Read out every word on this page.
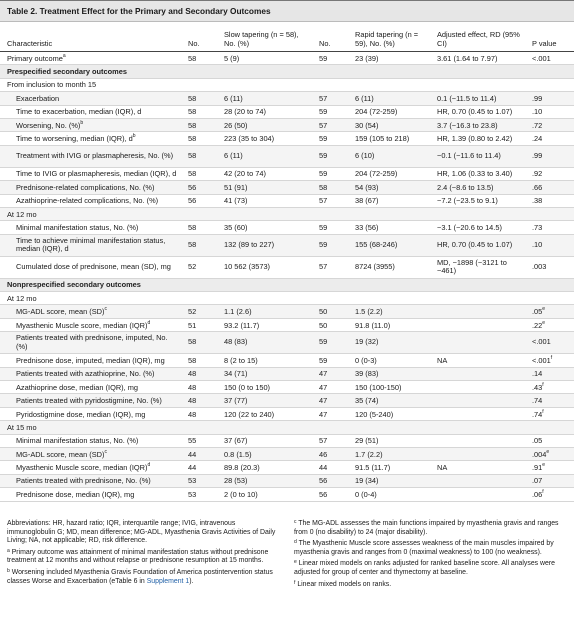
Table 2. Treatment Effect for the Primary and Secondary Outcomes
Characteristic	No.	Slow tapering (n = 58), No. (%)	No.	Rapid tapering (n = 59), No. (%)	Adjusted effect, RD (95% CI)	P value
Primary outcome$^a$	58	5 (9)	59	23 (39)	3.61 (1.64 to 7.97)	<.001
Prespecified secondary outcomes						
From inclusion to month 15						
Exacerbation	58	6 (11)	57	6 (11)	0.1 (−11.5 to 11.4)	.99
Time to exacerbation, median (IQR), d	58	28 (20 to 74)	59	204 (72-259)	HR, 0.70 (0.45 to 1.07)	.10
Worsening, No. (%)$^b$	58	26 (50)	57	30 (54)	3.7 (−16.3 to 23.8)	.72
Time to worsening, median (IQR), $d^b$	58	223 (35 to 304)	59	159 (105 to 218)	HR, 1.39 (0.80 to 2.42)	.24
Treatment with IVIG or plasmapheresis, No. (%)	58	6 (11)	59	6 (10)	−0.1 (−11.6 to 11.4)	.99
Time to IVIG or plasmapheresis, median (IQR), d	58	42 (20 to 74)	59	204 (72-259)	HR, 1.06 (0.33 to 3.40)	.92
Prednisone-related complications, No. (%)	56	51 (91)	58	54 (93)	2.4 (−8.6 to 13.5)	.66
Azathioprine-related complications, No. (%)	56	41 (73)	57	38 (67)	−7.2 (−23.5 to 9.1)	.38
At 12 mo						
Minimal manifestation status, No. (%)	58	35 (60)	59	33 (56)	−3.1 (−20.6 to 14.5)	.73
Time to achieve minimal manifestation status, median (IQR), d	58	132 (89 to 227)	59	155 (68-246)	HR, 0.70 (0.45 to 1.07)	.10
Cumulated dose of prednisone, mean (SD), mg	52	10 562 (3573)	57	8724 (3955)	MD, −1898 (−3121 to −461)	.003
Nonprespecified secondary outcomes						
At 12 mo						
MG-ADL score, mean (SD)$^c$	52	1.1 (2.6)	50	1.5 (2.2)		.05e
Myasthenic Muscle score, median (IQR)$^d$	51	93.2 (11.7)	50	91.8 (11.0)		.22e
Patients treated with prednisone, imputed, No. (%)	58	48 (83)	59	19 (32)		<.001
Prednisone dose, imputed, median (IQR), mg	58	8 (2 to 15)	59	0 (0-3)	NA	<.001$^f$
Patients treated with azathioprine, No. (%)	48	34 (71)	47	39 (83)		.14
Azathioprine dose, median (IQR), mg	48	150 (0 to 150)	47	150 (100-150)		.43$^f$
Patients treated with pyridostigmine, No. (%)	48	37 (77)	47	35 (74)		.74
Pyridostigmine dose, median (IQR), mg	48	120 (22 to 240)	47	120 (5-240)		.74$^f$
At 15 mo						
Minimal manifestation status, No. (%)	55	37 (67)	57	29 (51)		.05
MG-ADL score, mean (SD)$^c$	44	0.8 (1.5)	46	1.7 (2.2)		.004e
Myasthenic Muscle score, median (IQR)$^d$	44	89.8 (20.3)	44	91.5 (11.7)	NA	.91e
Patients treated with prednisone, No. (%)	53	28 (53)	56	19 (34)		.07
Prednisone dose, median (IQR), mg	53	2 (0 to 10)	56	0 (0-4)		.06$^f$

Abbreviations: HR, hazard ratio; IQR, interquartile range; IVIG, intravenous immunoglobulin G; MD, mean difference; MG-ADL, Myasthenia Gravis Activities of Daily Living; NA, not applicable; RD, risk difference.

$^a$ Primary outcome was attainment of minimal manifestation status without prednisone treatment at 12 months and without relapse or prednisone resumption at 15 months.

$^b$ Worsening included Myasthenia Gravis Foundation of America postintervention status classes Worse and Exacerbation (eTable 6 in Supplement 1).

$^c$ The MG-ADL assesses the main functions impaired by myasthenia gravis and ranges from 0 (no disability) to 24 (major disability).

$^d$ The Myasthenic Muscle score assesses weakness of the main muscles impaired by myasthenia gravis and ranges from 0 (maximal weakness) to 100 (no weakness).

$^e$ Linear mixed models on ranks adjusted for ranked baseline score. All analyses were adjusted for group of center and thymectomy at baseline.

$^f$ Linear mixed models on ranks.
